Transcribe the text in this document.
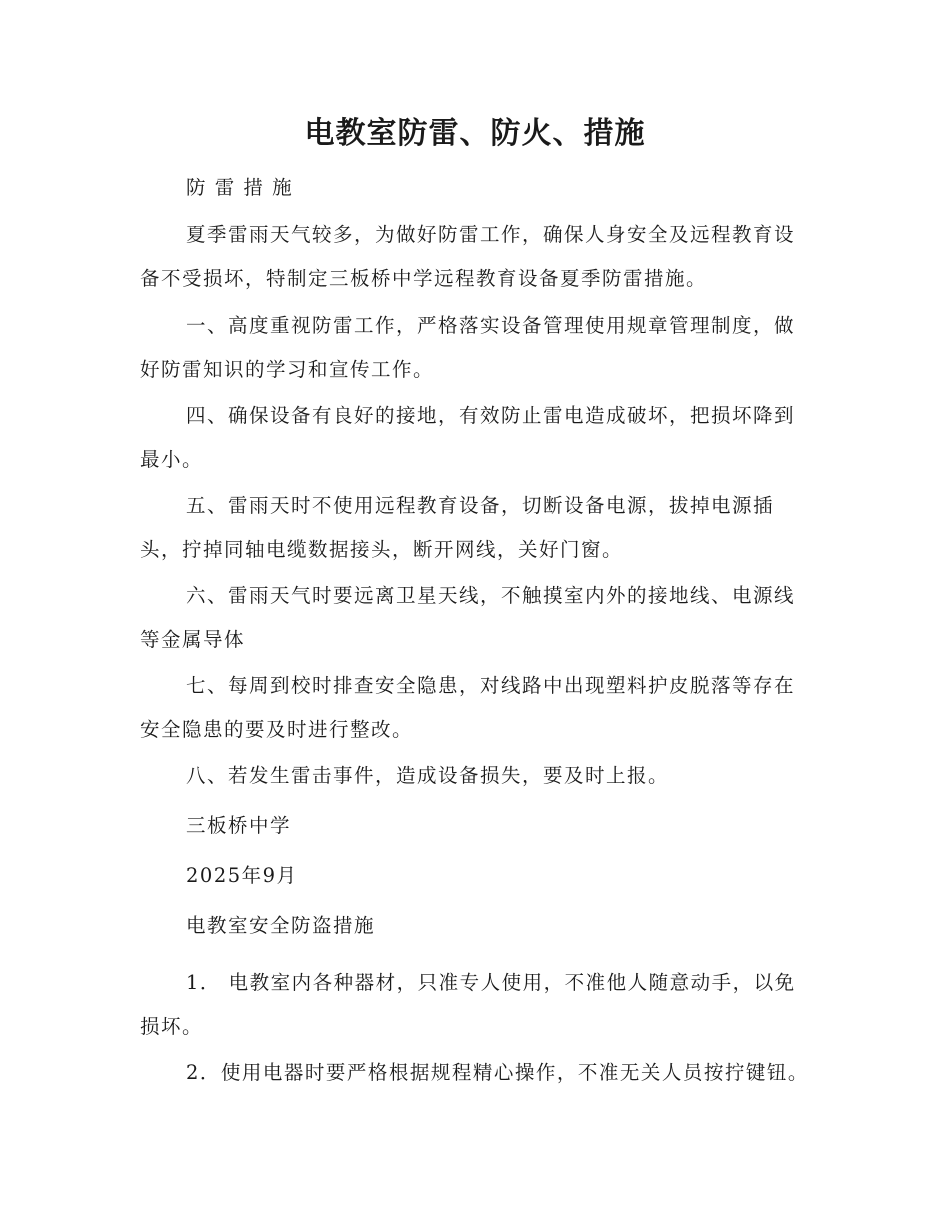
电教室防雷、防火、措施

防 雷 措 施

夏季雷雨天气较多，为做好防雷工作，确保人身安全及远程教育设备不受损坏，特制定三板桥中学远程教育设备夏季防雷措施。

一、高度重视防雷工作，严格落实设备管理使用规章管理制度，做好防雷知识的学习和宣传工作。

四、确保设备有良好的接地，有效防止雷电造成破坏，把损坏降到最小。

五、雷雨天时不使用远程教育设备，切断设备电源，拔掉电源插头，拧掉同轴电缆数据接头，断开网线，关好门窗。

六、雷雨天气时要远离卫星天线，不触摸室内外的接地线、电源线等金属导体

七、每周到校时排查安全隐患，对线路中出现塑料护皮脱落等存在安全隐患的要及时进行整改。

八、若发生雷击事件，造成设备损失，要及时上报。

三板桥中学

2025年9月

电教室安全防盗措施

1． 电教室内各种器材，只准专人使用，不准他人随意动手，以免损坏。

2．使用电器时要严格根据规程精心操作，不准无关人员按拧键钮。
